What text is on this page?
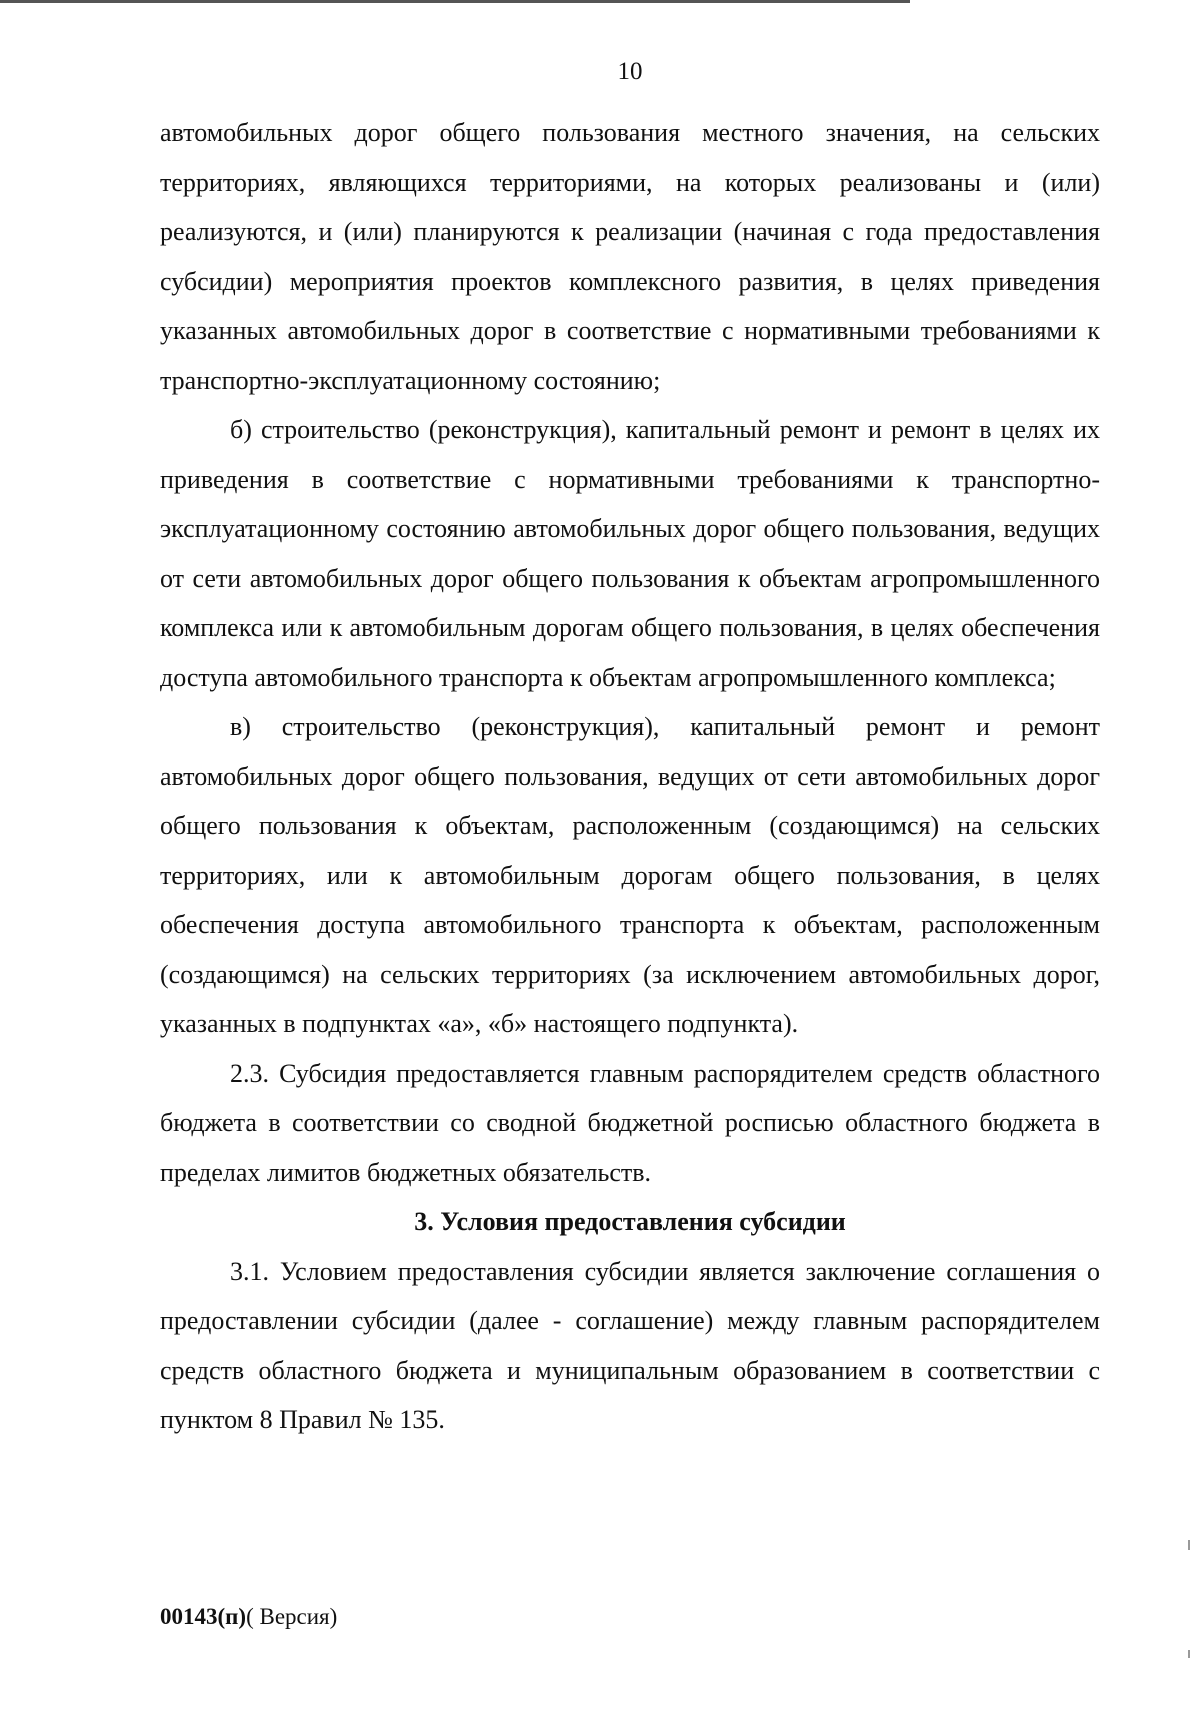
10

автомобильных дорог общего пользования местного значения, на сельских территориях, являющихся территориями, на которых реализованы и (или) реализуются, и (или) планируются к реализации (начиная с года предоставления субсидии) мероприятия проектов комплексного развития, в целях приведения указанных автомобильных дорог в соответствие с нормативными требованиями к транспортно-эксплуатационному состоянию;

б) строительство (реконструкция), капитальный ремонт и ремонт в целях их приведения в соответствие с нормативными требованиями к транспортно-эксплуатационному состоянию автомобильных дорог общего пользования, ведущих от сети автомобильных дорог общего пользования к объектам агропромышленного комплекса или к автомобильным дорогам общего пользования, в целях обеспечения доступа автомобильного транспорта к объектам агропромышленного комплекса;

в) строительство (реконструкция), капитальный ремонт и ремонт автомобильных дорог общего пользования, ведущих от сети автомобильных дорог общего пользования к объектам, расположенным (создающимся) на сельских территориях, или к автомобильным дорогам общего пользования, в целях обеспечения доступа автомобильного транспорта к объектам, расположенным (создающимся) на сельских территориях (за исключением автомобильных дорог, указанных в подпунктах «а», «б» настоящего подпункта).

2.3. Субсидия предоставляется главным распорядителем средств областного бюджета в соответствии со сводной бюджетной росписью областного бюджета в пределах лимитов бюджетных обязательств.

3. Условия предоставления субсидии

3.1. Условием предоставления субсидии является заключение соглашения о предоставлении субсидии (далее - соглашение) между главным распорядителем средств областного бюджета и муниципальным образованием в соответствии с пунктом 8 Правил № 135.

00143(п)( Версия)
